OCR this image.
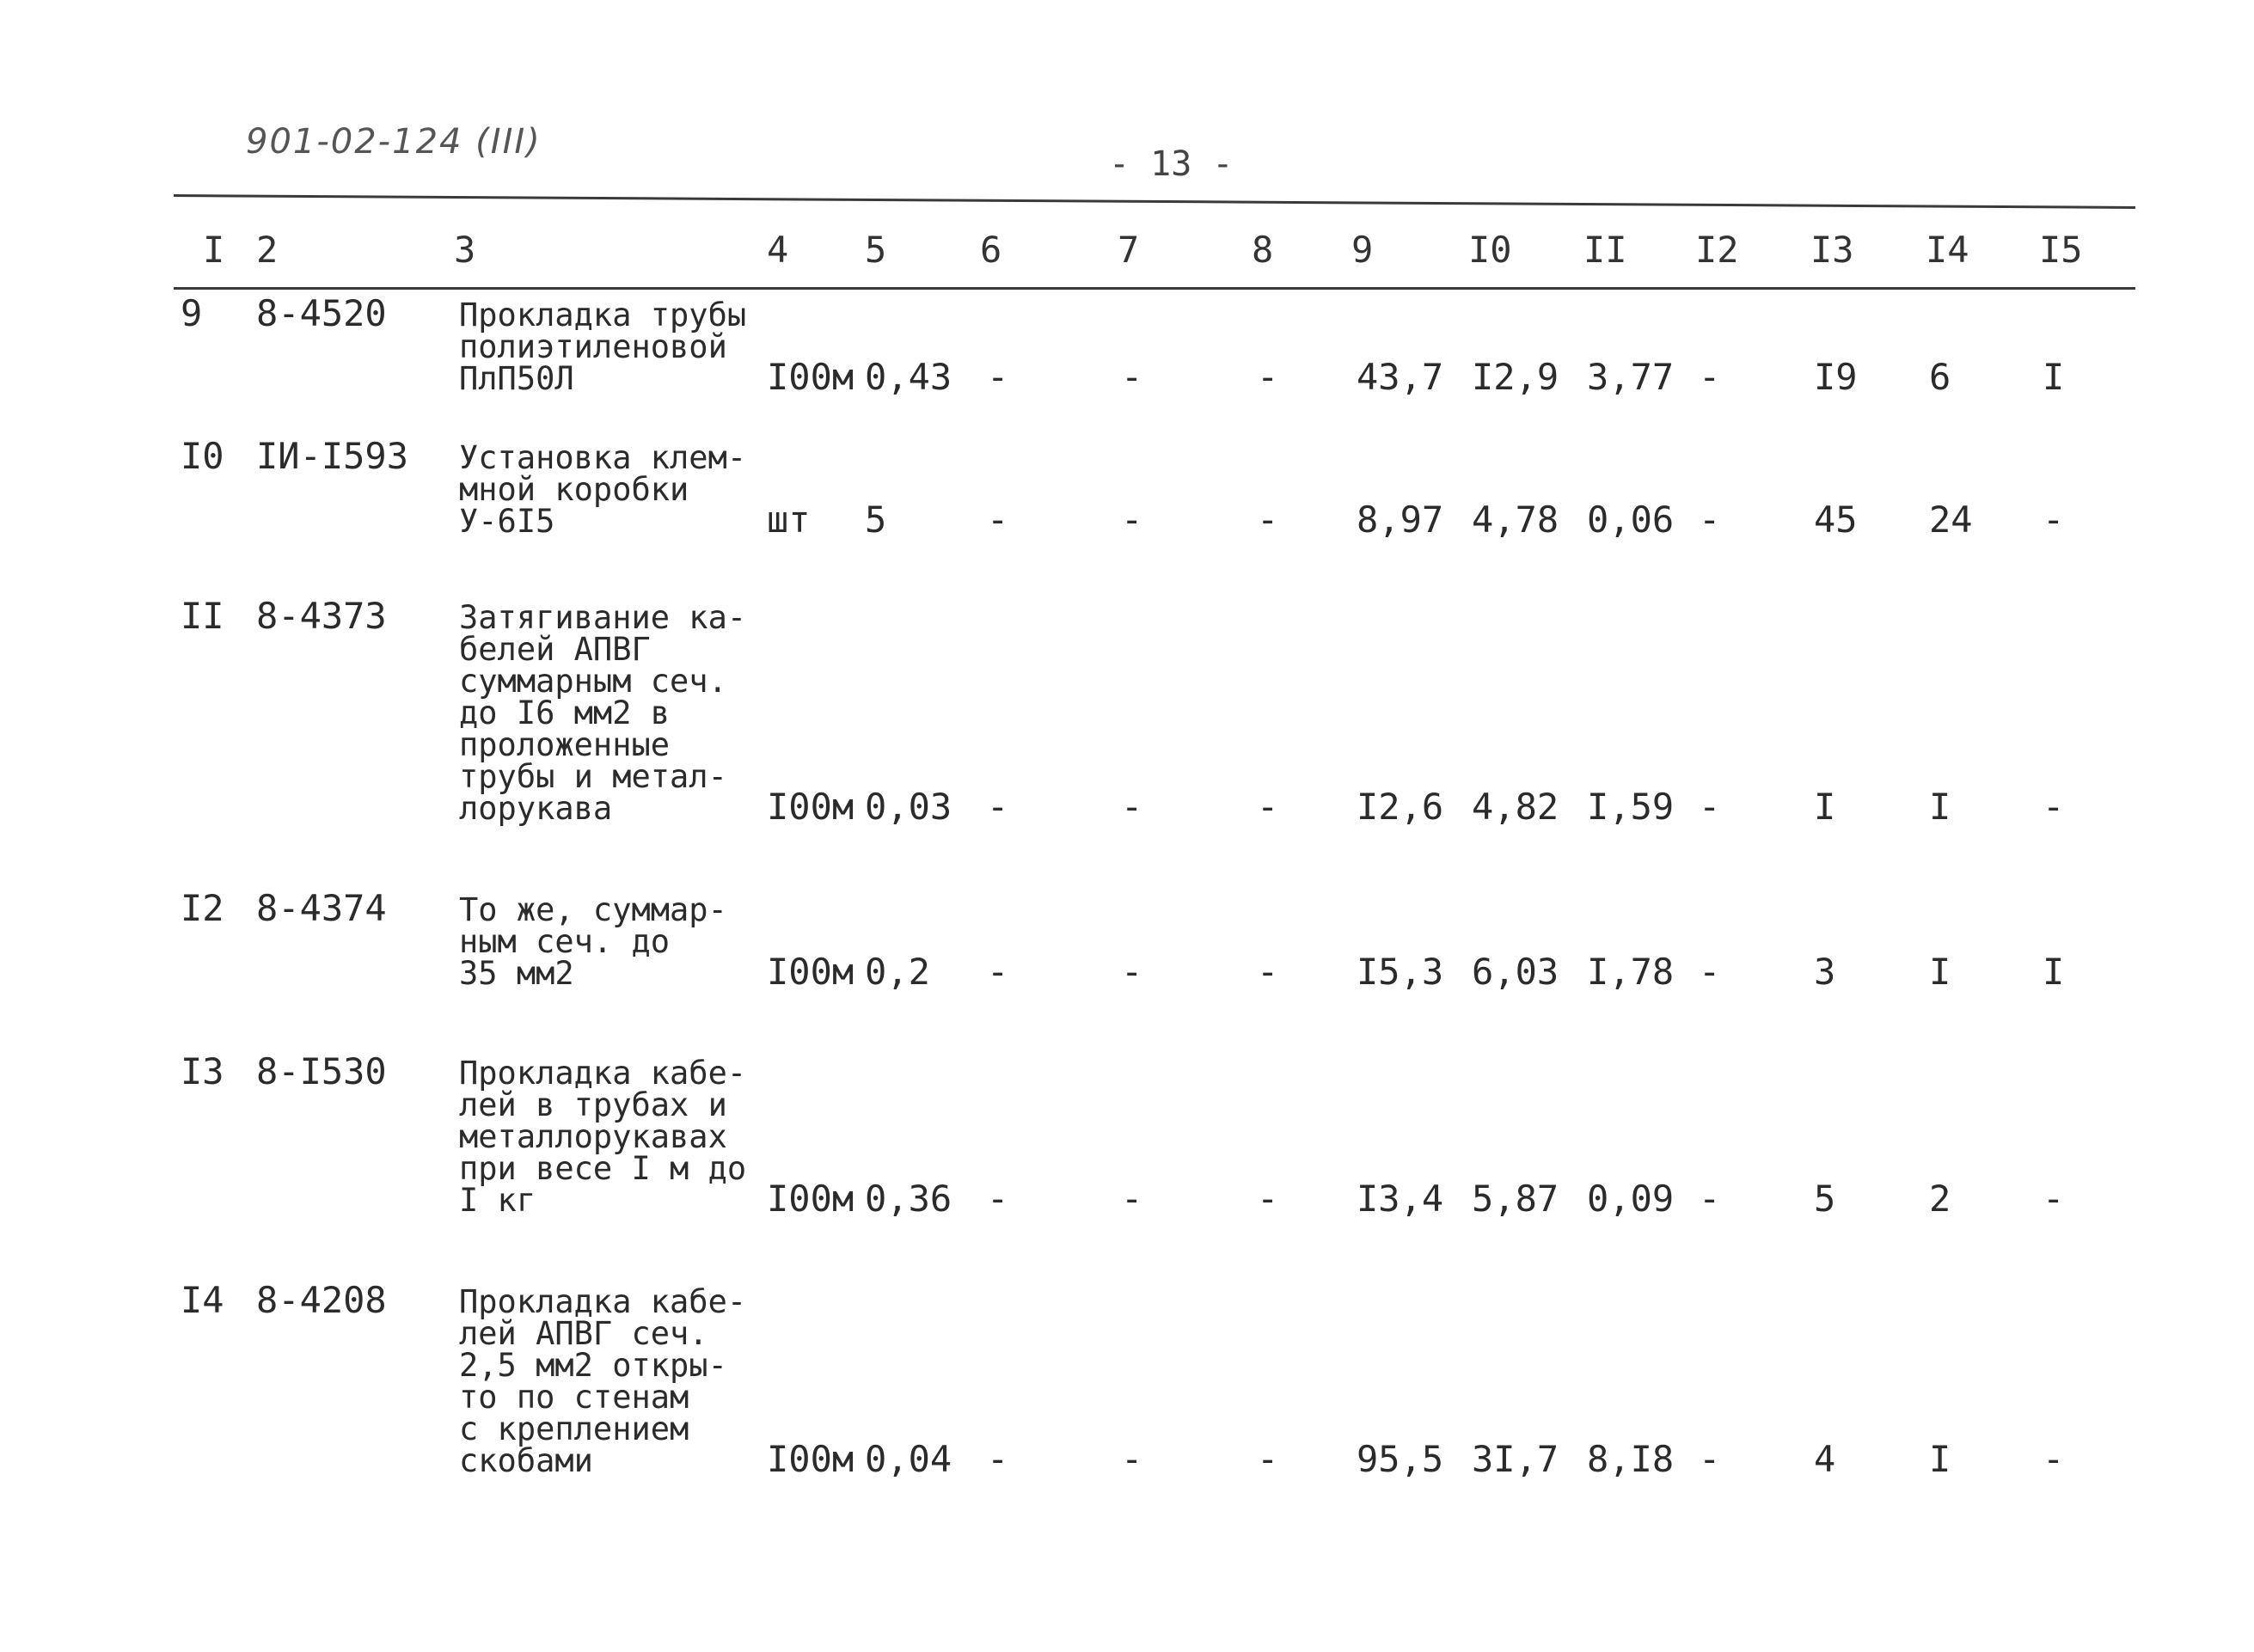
901-02-124 (III)
- 13 -
I 2	3	4 5	6	7	8 9	I0 II I2 I3 I4 I5
9 8-4520 Прокладка трубы
полиэтиленовой
ПлП50Л	I00м 0,43 -	-	- 43,7 I2,9 3,77 -	I9 6	I
I0 IИ-I593 Установка клем-
мной коробки
У-6I5	шт 5	-	-	- 8,97 4,78 0,06 -	45 24 -
II 8-4373 Затягивание ка-
белей АПВГ
суммарным сеч.
до I6 мм2 в
проложенные
трубы и метал-
лорукава	I00м 0,03 -	-	- I2,6 4,82 I,59 -	I	I	-
I2 8-4374 То же, суммар-
ным сеч. до
35 мм2	I00м 0,2 -	-	- I5,3 6,03 I,78 -	3	I	I
I3 8-I530 Прокладка кабе-
лей в трубах и
металлорукавах
при весе I м до
I кг	I00м 0,36 -	-	- I3,4 5,87 0,09 -	5	2	-
I4 8-4208 Прокладка кабе-
лей АПВГ сеч.
2,5 мм2 откры-
то по стенам
с креплением
скобами	I00м 0,04 -	-	- 95,5 3I,7 8,I8 -	4	I	-
